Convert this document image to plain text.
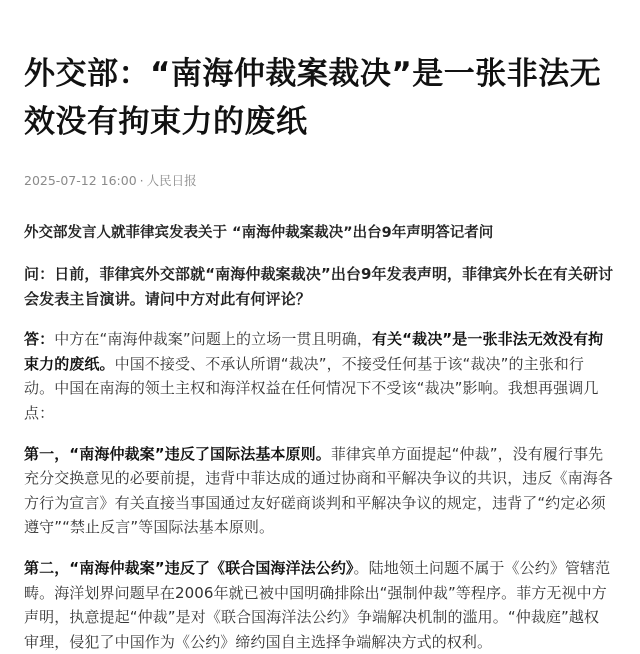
外交部：“南海仲裁案裁决”是一张非法无效没有拘束力的废纸
2025-07-12 16:00 · 人民日报
外交部发言人就菲律宾发表关于 “南海仲裁案裁决”出台9年声明答记者问

问：日前，菲律宾外交部就“南海仲裁案裁决”出台9年发表声明，菲律宾外长在有关研讨会发表主旨演讲。请问中方对此有何评论？

答：中方在“南海仲裁案”问题上的立场一贯且明确，有关“裁决”是一张非法无效没有拘束力的废纸。中国不接受、不承认所谓“裁决”，不接受任何基于该“裁决”的主张和行动。中国在南海的领土主权和海洋权益在任何情况下不受该“裁决”影响。我想再强调几点：

第一，“南海仲裁案”违反了国际法基本原则。菲律宾单方面提起“仲裁”，没有履行事先充分交换意见的必要前提，违背中菲达成的通过协商和平解决争议的共识，违反《南海各方行为宣言》有关直接当事国通过友好磋商谈判和平解决争议的规定，违背了“约定必须遵守”“禁止反言”等国际法基本原则。

第二，“南海仲裁案”违反了《联合国海洋法公约》。陆地领土问题不属于《公约》管辖范畴。海洋划界问题早在2006年就已被中国明确排除出“强制仲裁”等程序。菲方无视中方声明，执意提起“仲裁”是对《联合国海洋法公约》争端解决机制的滥用。“仲裁庭”越权审理，侵犯了中国作为《公约》缔约国自主选择争端解决方式的权利。
